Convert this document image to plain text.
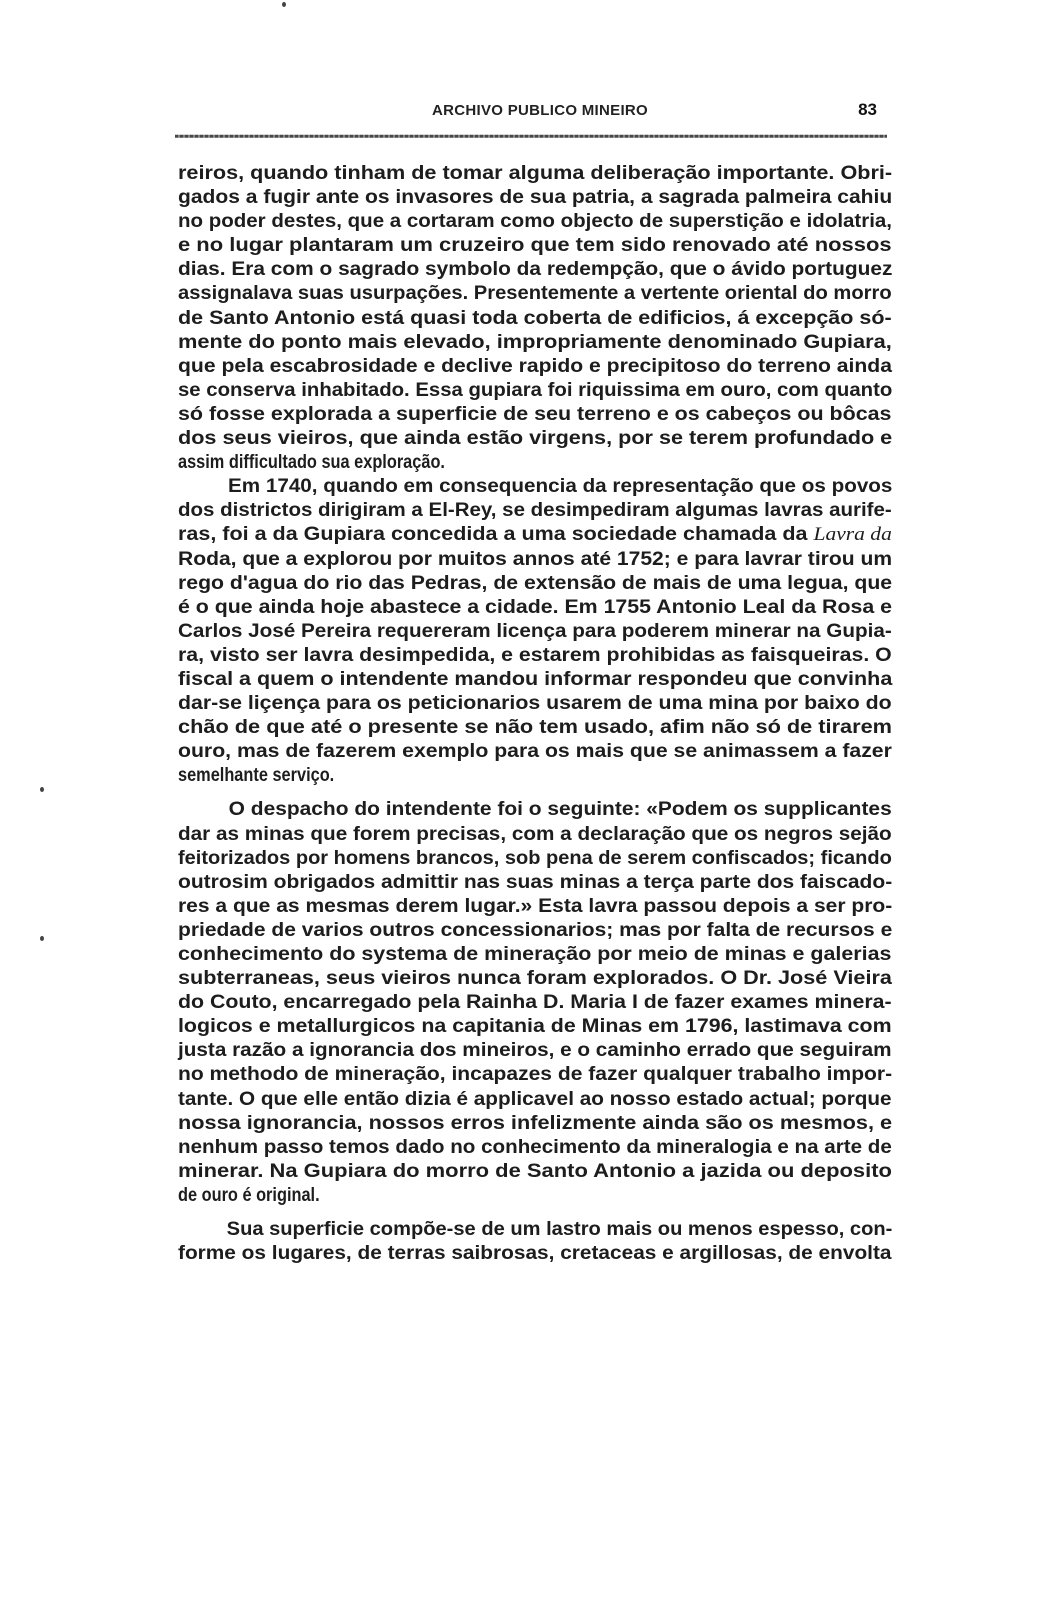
ARCHIVO PUBLICO MINEIRO	83
reiros, quando tinham de tomar alguma deliberação importante. Obri-
gados a fugir ante os invasores de sua patria, a sagrada palmeira cahiu
no poder destes, que a cortaram como objecto de superstição e idolatria,
e no lugar plantaram um cruzeiro que tem sido renovado até nossos
dias. Era com o sagrado symbolo da redempção, que o ávido portuguez
assignalava suas usurpações. Presentemente a vertente oriental do morro
de Santo Antonio está quasi toda coberta de edificios, á excepção só-
mente do ponto mais elevado, impropriamente denominado Gupiara,
que pela escabrosidade e declive rapido e precipitoso do terreno ainda
se conserva inhabitado. Essa gupiara foi riquissima em ouro, com quanto
só fosse explorada a superficie de seu terreno e os cabeços ou bôcas
dos seus vieiros, que ainda estão virgens, por se terem profundado e
assim difficultado sua exploração.
Em 1740, quando em consequencia da representação que os povos
dos districtos dirigiram a El-Rey, se desimpediram algumas lavras aurife-
ras, foi a da Gupiara concedida a uma sociedade chamada da Lavra da
Roda, que a explorou por muitos annos até 1752; e para lavrar tirou um
rego d'agua do rio das Pedras, de extensão de mais de uma legua, que
é o que ainda hoje abastece a cidade. Em 1755 Antonio Leal da Rosa e
Carlos José Pereira requereram licença para poderem minerar na Gupia-
ra, visto ser lavra desimpedida, e estarem prohibidas as faisqueiras. O
fiscal a quem o intendente mandou informar respondeu que convinha
dar-se liçença para os peticionarios usarem de uma mina por baixo do
chão de que até o presente se não tem usado, afim não só de tirarem
ouro, mas de fazerem exemplo para os mais que se animassem a fazer
semelhante serviço.
O despacho do intendente foi o seguinte: «Podem os supplicantes
dar as minas que forem precisas, com a declaração que os negros sejão
feitorizados por homens brancos, sob pena de serem confiscados; ficando
outrosim obrigados admittir nas suas minas a terça parte dos faiscado-
res a que as mesmas derem lugar.» Esta lavra passou depois a ser pro-
priedade de varios outros concessionarios; mas por falta de recursos e
conhecimento do systema de mineração por meio de minas e galerias
subterraneas, seus vieiros nunca foram explorados. O Dr. José Vieira
do Couto, encarregado pela Rainha D. Maria I de fazer exames minera-
logicos e metallurgicos na capitania de Minas em 1796, lastimava com
justa razão a ignorancia dos mineiros, e o caminho errado que seguiram
no methodo de mineração, incapazes de fazer qualquer trabalho impor-
tante. O que elle então dizia é applicavel ao nosso estado actual; porque
nossa ignorancia, nossos erros infelizmente ainda são os mesmos, e
nenhum passo temos dado no conhecimento da mineralogia e na arte de
minerar. Na Gupiara do morro de Santo Antonio a jazida ou deposito
de ouro é original.
Sua superficie compõe-se de um lastro mais ou menos espesso, con-
forme os lugares, de terras saibrosas, cretaceas e argillosas, de envolta
